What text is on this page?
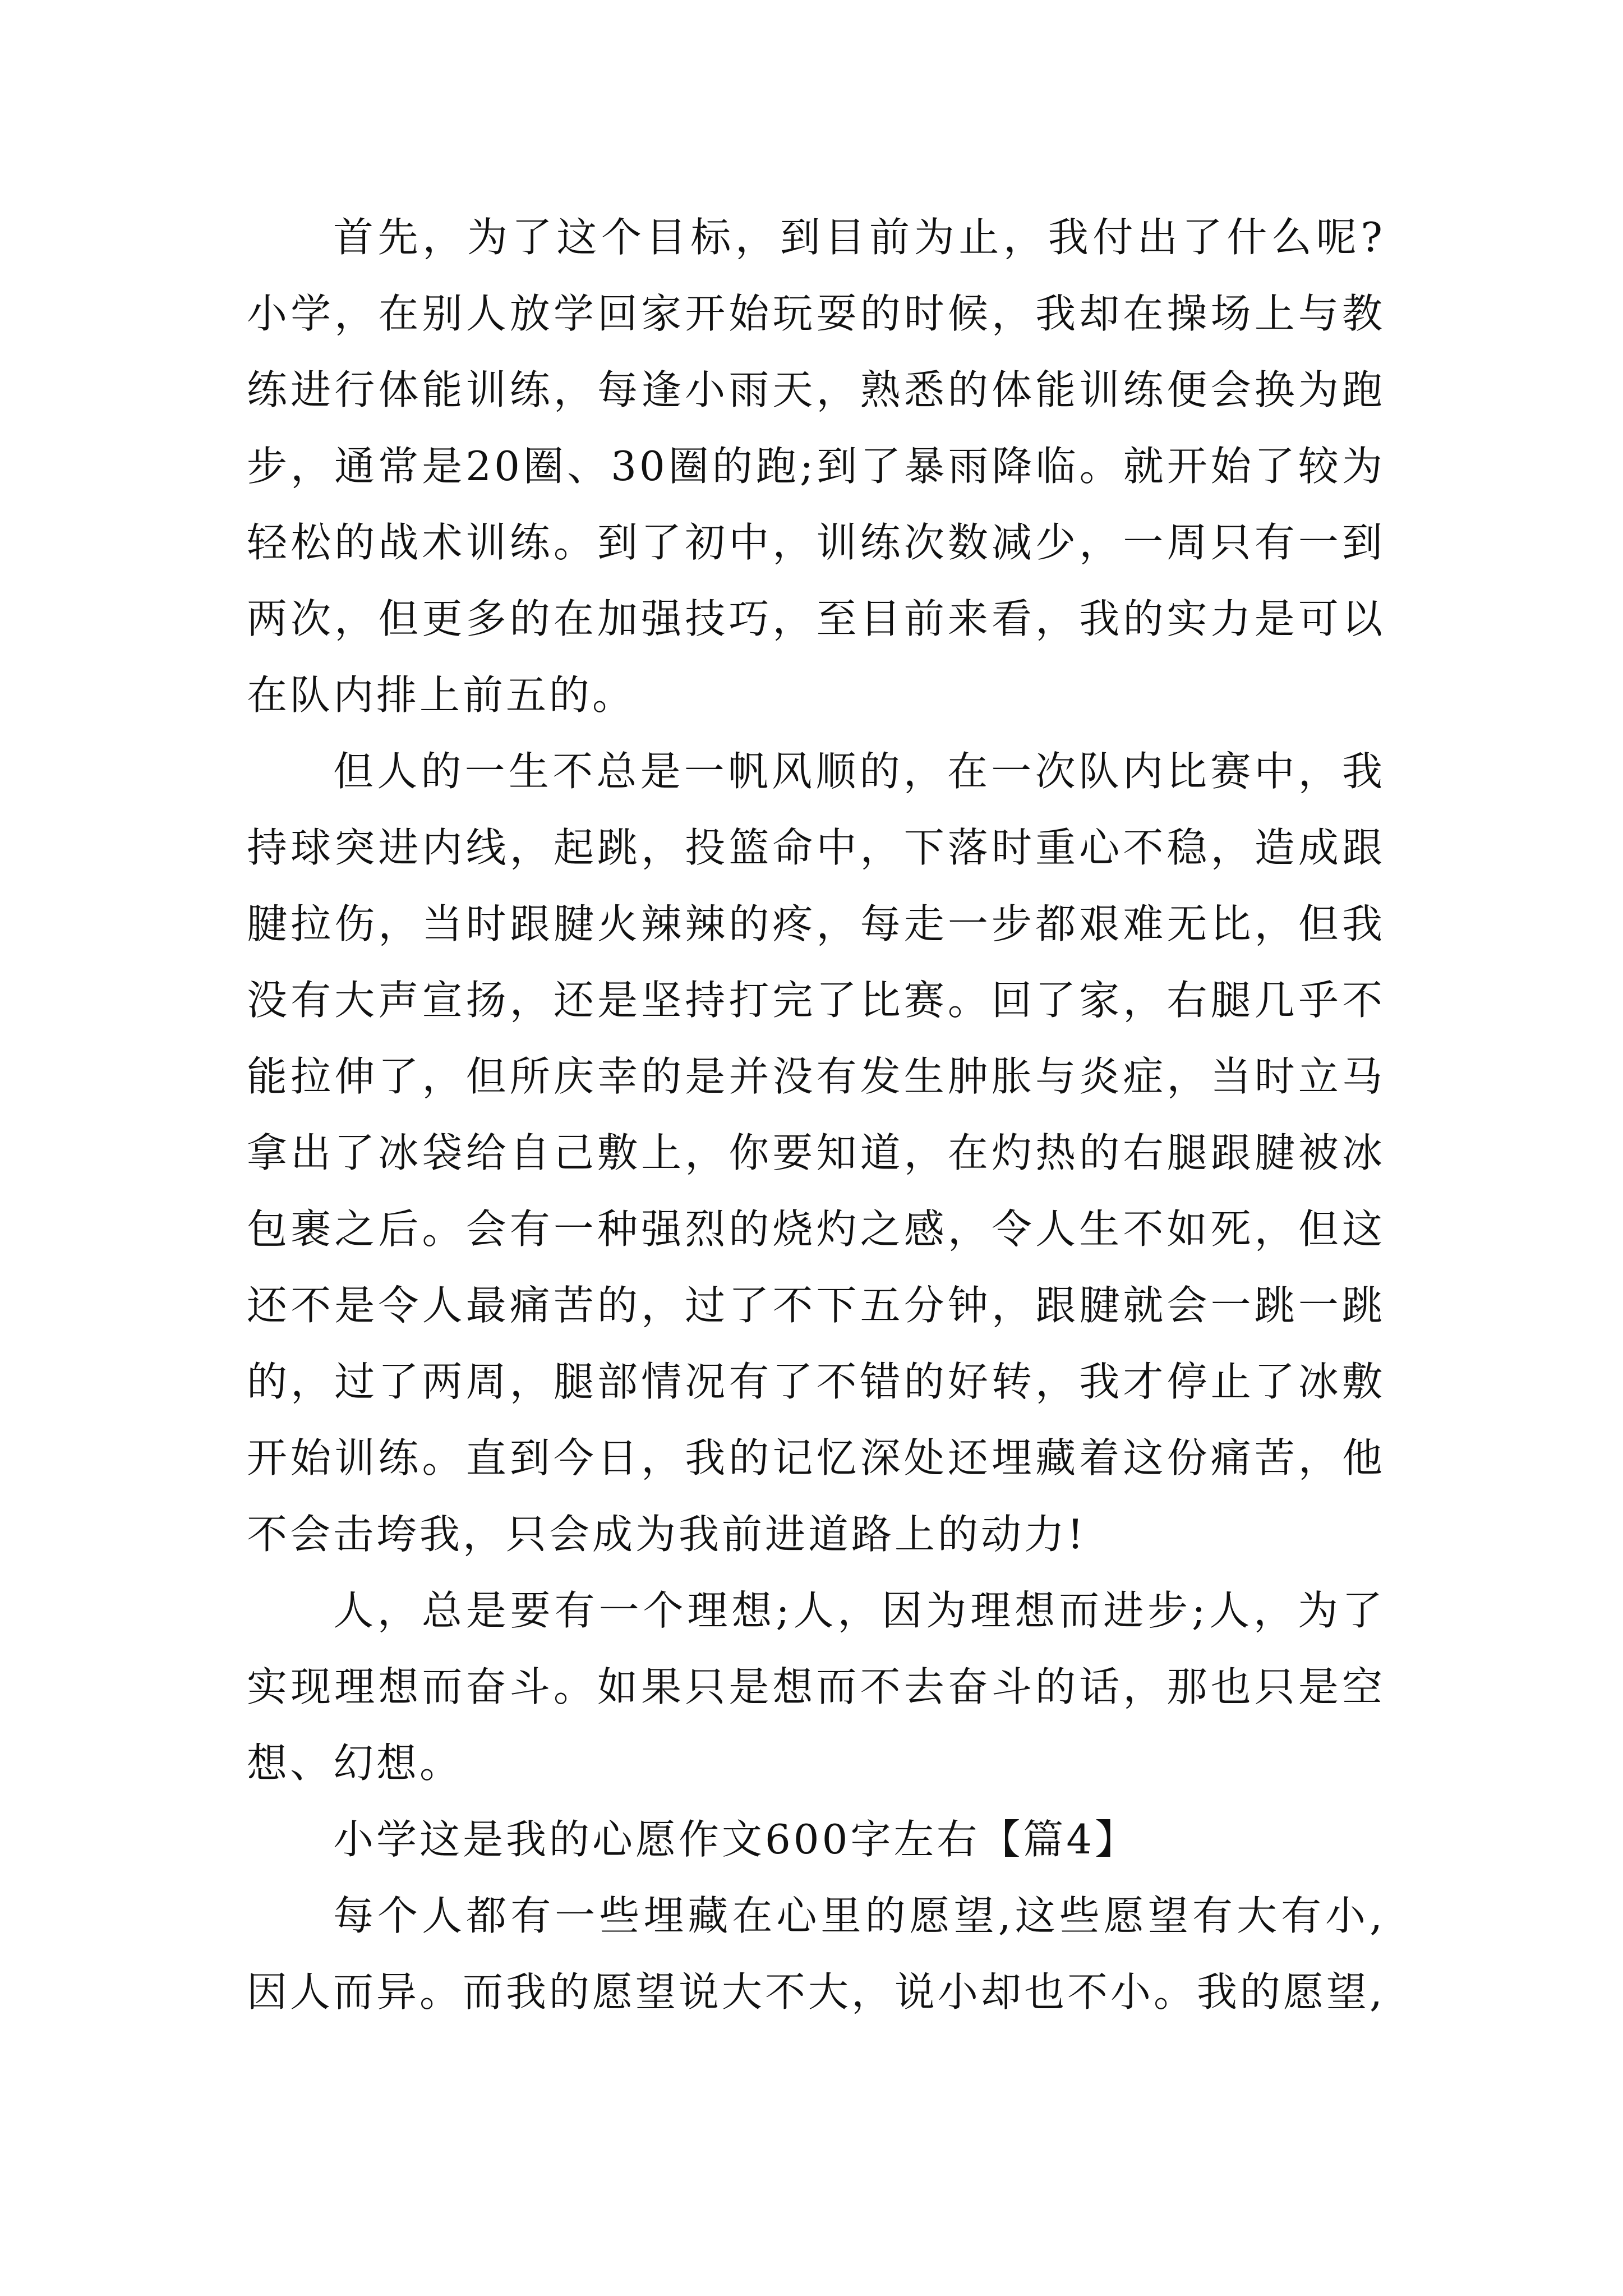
首先，为了这个目标，到目前为止，我付出了什么呢?小学，在别人放学回家开始玩耍的时候，我却在操场上与教练进行体能训练，每逢小雨天，熟悉的体能训练便会换为跑步，通常是20圈、30圈的跑;到了暴雨降临。就开始了较为轻松的战术训练。到了初中，训练次数减少，一周只有一到两次，但更多的在加强技巧，至目前来看，我的实力是可以在队内排上前五的。

但人的一生不总是一帆风顺的，在一次队内比赛中，我持球突进内线，起跳，投篮命中，下落时重心不稳，造成跟腱拉伤，当时跟腱火辣辣的疼，每走一步都艰难无比，但我没有大声宣扬，还是坚持打完了比赛。回了家，右腿几乎不能拉伸了，但所庆幸的是并没有发生肿胀与炎症，当时立马拿出了冰袋给自己敷上，你要知道，在灼热的右腿跟腱被冰包裹之后。会有一种强烈的烧灼之感，令人生不如死，但这还不是令人最痛苦的，过了不下五分钟，跟腱就会一跳一跳的，过了两周，腿部情况有了不错的好转，我才停止了冰敷开始训练。直到今日，我的记忆深处还埋藏着这份痛苦，他不会击垮我，只会成为我前进道路上的动力!

人，总是要有一个理想;人，因为理想而进步;人，为了实现理想而奋斗。如果只是想而不去奋斗的话，那也只是空想、幻想。

小学这是我的心愿作文600字左右【篇4】

每个人都有一些埋藏在心里的愿望,这些愿望有大有小,因人而异。而我的愿望说大不大，说小却也不小。我的愿望,
